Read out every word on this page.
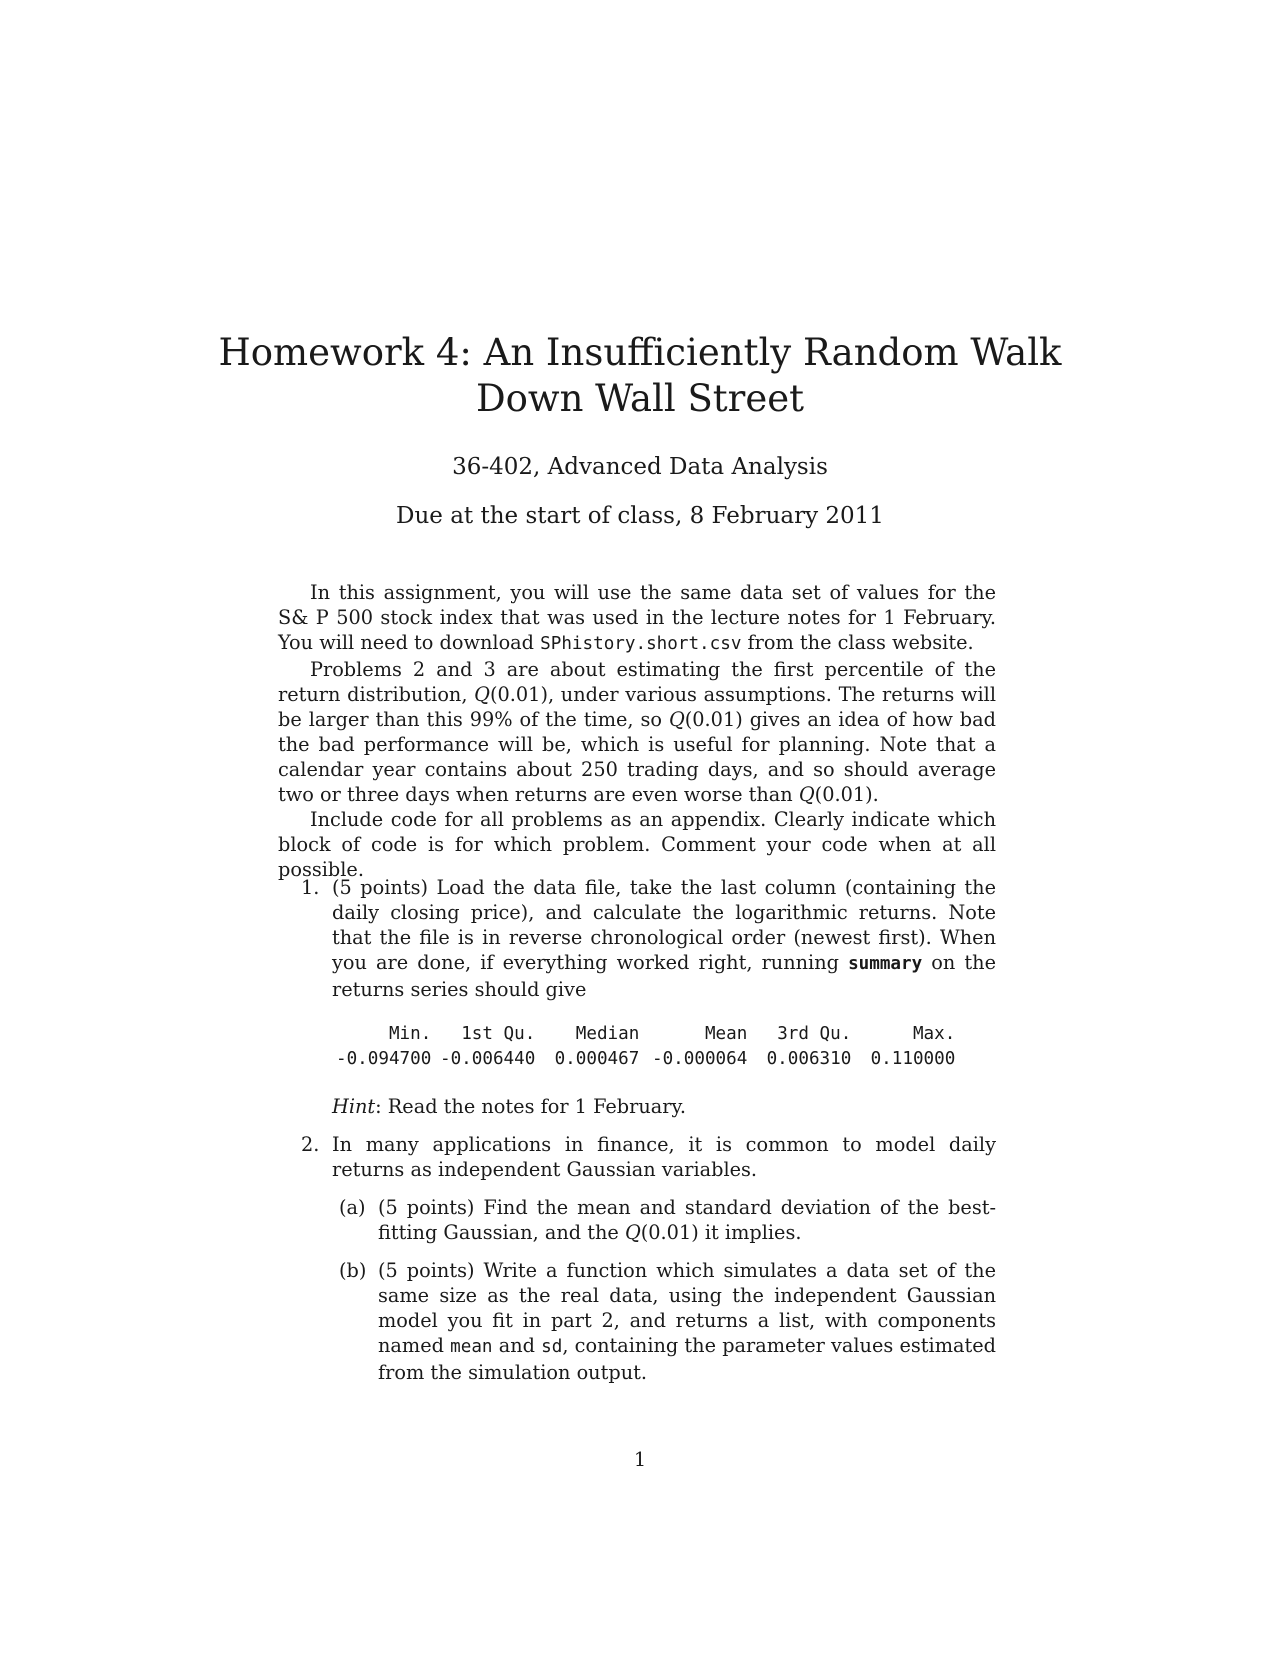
Homework 4: An Insufficiently Random Walk
Down Wall Street
36-402, Advanced Data Analysis
Due at the start of class, 8 February 2011

In this assignment, you will use the same data set of values for the S& P 500 stock index that was used in the lecture notes for 1 February. You will need to download SPhistory.short.csv from the class website.

Problems 2 and 3 are about estimating the first percentile of the return distribution, Q(0.01), under various assumptions. The returns will be larger than this 99% of the time, so Q(0.01) gives an idea of how bad the bad performance will be, which is useful for planning. Note that a calendar year contains about 250 trading days, and so should average two or three days when returns are even worse than Q(0.01).

Include code for all problems as an appendix. Clearly indicate which block of code is for which problem. Comment your code when at all possible.

1. (5 points) Load the data file, take the last column (containing the daily closing price), and calculate the logarithmic returns. Note that the file is in reverse chronological order (newest first). When you are done, if everything worked right, running summary on the returns series should give

Min.	1st Qu.	Median	Mean	3rd Qu.	Max.
-0.094700	-0.006440	0.000467	-0.000064	0.006310	0.110000

Hint: Read the notes for 1 February.

2. In many applications in finance, it is common to model daily returns as independent Gaussian variables.

(a) (5 points) Find the mean and standard deviation of the best-fitting Gaussian, and the Q(0.01) it implies.

(b) (5 points) Write a function which simulates a data set of the same size as the real data, using the independent Gaussian model you fit in part 2, and returns a list, with components named mean and sd, containing the parameter values estimated from the simulation output.

1
